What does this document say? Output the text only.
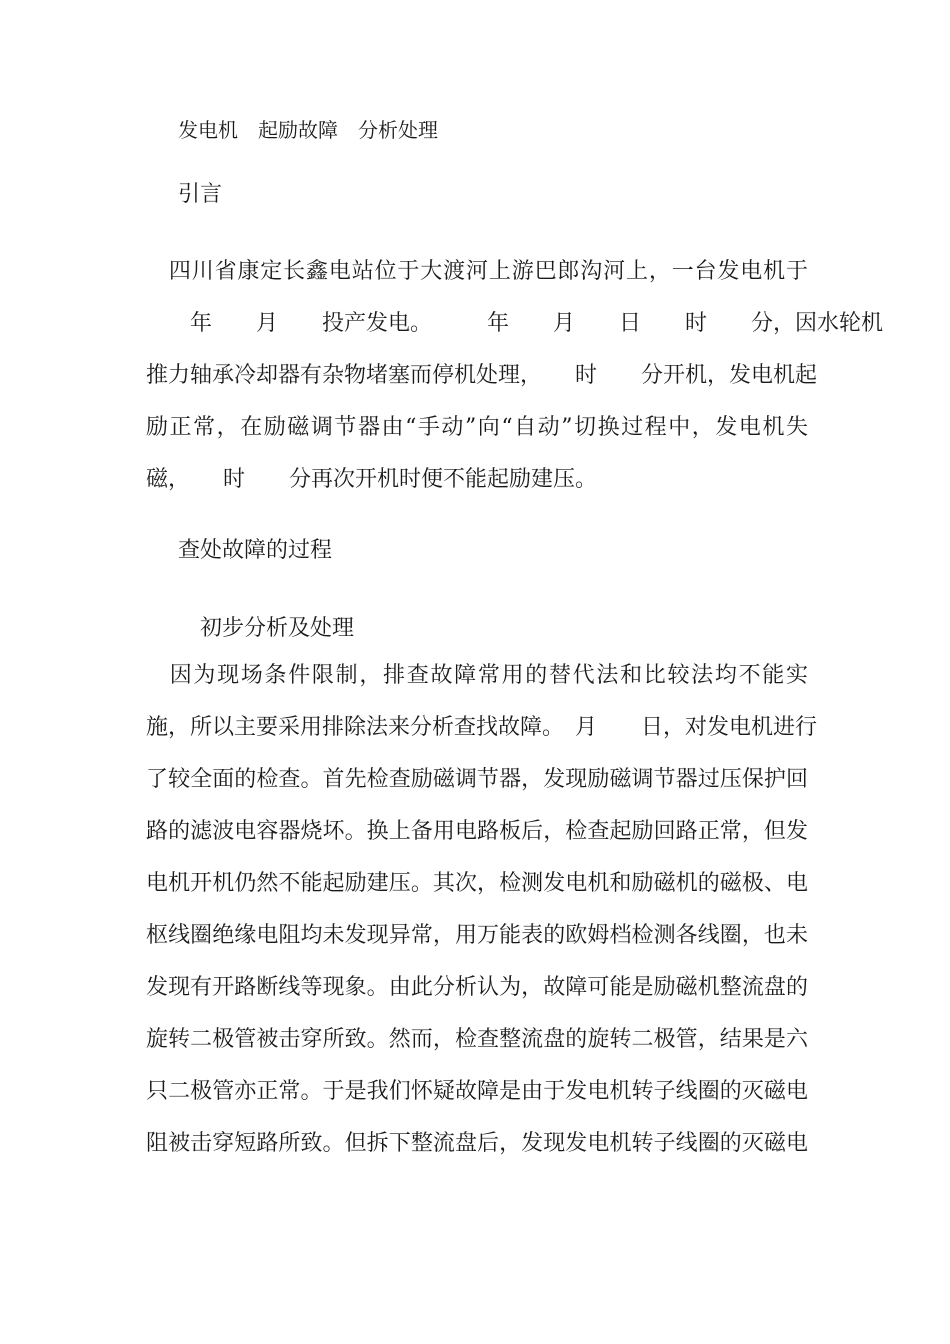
发电机　起励故障　分析处理
引言
　四川省康定长鑫电站位于大渡河上游巴郎沟河上，一台发电机于
　　年　　月　　投产发电。　　　年　　月　　日　　时　　分，因水轮机
推力轴承冷却器有杂物堵塞而停机处理，　　时　　分开机，发电机起
励正常，在励磁调节器由“手动”向“自动”切换过程中，发电机失
磁，　　时　　分再次开机时便不能起励建压。
查处故障的过程
初步分析及处理
　因为现场条件限制，排查故障常用的替代法和比较法均不能实
施，所以主要采用排除法来分析查找故障。　月　　日，对发电机进行
了较全面的检查。首先检查励磁调节器，发现励磁调节器过压保护回
路的滤波电容器烧坏。换上备用电路板后，检查起励回路正常，但发
电机开机仍然不能起励建压。其次，检测发电机和励磁机的磁极、电
枢线圈绝缘电阻均未发现异常，用万能表的欧姆档检测各线圈，也未
发现有开路断线等现象。由此分析认为，故障可能是励磁机整流盘的
旋转二极管被击穿所致。然而，检查整流盘的旋转二极管，结果是六
只二极管亦正常。于是我们怀疑故障是由于发电机转子线圈的灭磁电
阻被击穿短路所致。但拆下整流盘后，发现发电机转子线圈的灭磁电
